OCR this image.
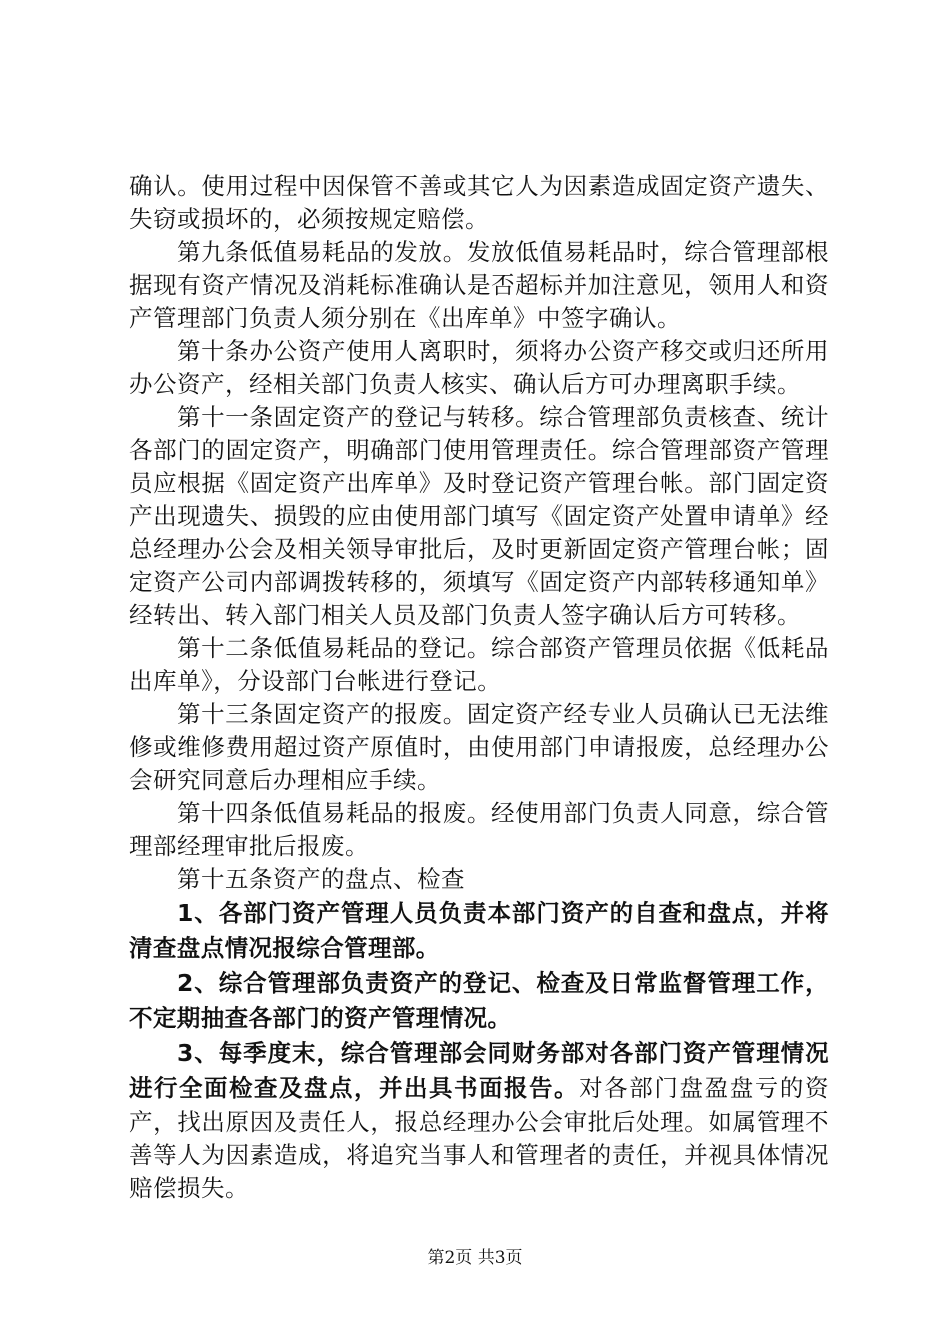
确认。使用过程中因保管不善或其它人为因素造成固定资产遗失、失窃或损坏的，必须按规定赔偿。

第九条低值易耗品的发放。发放低值易耗品时，综合管理部根据现有资产情况及消耗标准确认是否超标并加注意见，领用人和资产管理部门负责人须分别在《出库单》中签字确认。

第十条办公资产使用人离职时，须将办公资产移交或归还所用办公资产，经相关部门负责人核实、确认后方可办理离职手续。

第十一条固定资产的登记与转移。综合管理部负责核查、统计各部门的固定资产，明确部门使用管理责任。综合管理部资产管理员应根据《固定资产出库单》及时登记资产管理台帐。部门固定资产出现遗失、损毁的应由使用部门填写《固定资产处置申请单》经总经理办公会及相关领导审批后，及时更新固定资产管理台帐；固定资产公司内部调拨转移的，须填写《固定资产内部转移通知单》经转出、转入部门相关人员及部门负责人签字确认后方可转移。

第十二条低值易耗品的登记。综合部资产管理员依据《低耗品出库单》，分设部门台帐进行登记。

第十三条固定资产的报废。固定资产经专业人员确认已无法维修或维修费用超过资产原值时，由使用部门申请报废，总经理办公会研究同意后办理相应手续。

第十四条低值易耗品的报废。经使用部门负责人同意，综合管理部经理审批后报废。

第十五条资产的盘点、检查

1、各部门资产管理人员负责本部门资产的自查和盘点，并将清查盘点情况报综合管理部。

2、综合管理部负责资产的登记、检查及日常监督管理工作，不定期抽查各部门的资产管理情况。

3、每季度末，综合管理部会同财务部对各部门资产管理情况进行全面检查及盘点，并出具书面报告。对各部门盘盈盘亏的资产，找出原因及责任人，报总经理办公会审批后处理。如属管理不善等人为因素造成，将追究当事人和管理者的责任，并视具体情况赔偿损失。

第2页 共3页
